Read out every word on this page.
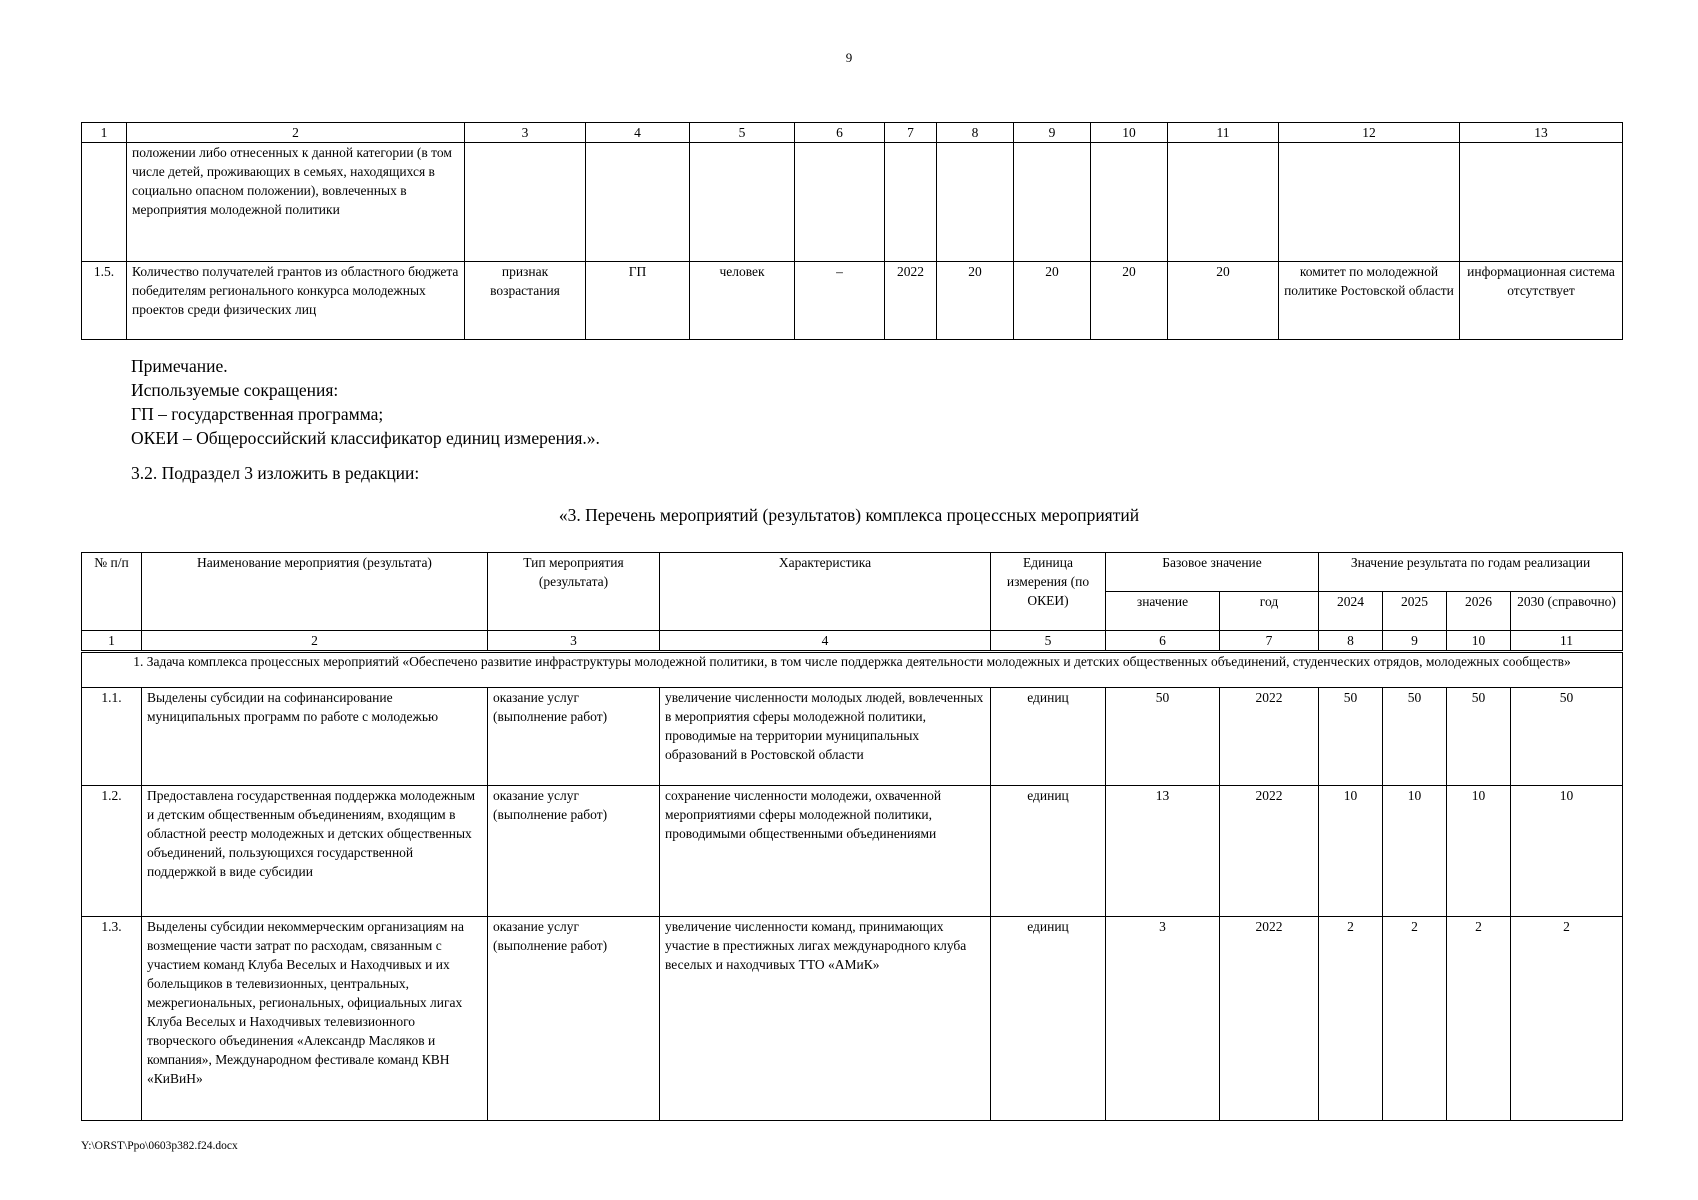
9
1	2	3	4	5	6	7	8	9	10	11	12	13
	положении либо отнесенных к данной категории (в том числе детей, проживающих в семьях, находящихся в социально опасном положении), вовлеченных в мероприятия молодежной политики											
1.5.	Количество получателей грантов из областного бюджета победителям регионального конкурса молодежных проектов среди физических лиц	признак возрастания	ГП	человек	–	2022	20	20	20	20	комитет по молодежной политике Ростовской области	информационная система отсутствует
Примечание.
Используемые сокращения:
ГП – государственная программа;
ОКЕИ – Общероссийский классификатор единиц измерения.».
3.2. Подраздел 3 изложить в редакции:
«3. Перечень мероприятий (результатов) комплекса процессных мероприятий
№ п/п	Наименование мероприятия (результата)	Тип мероприятия (результата)	Характеристика	Единица измерения (по ОКЕИ)	Базовое значение		Значение результата по годам реализации			
					значение	год	2024	2025	2026	2030 (справочно)
1	2	3	4	5	6	7	8	9	10	11
1. Задача комплекса процессных мероприятий «Обеспечено развитие инфраструктуры молодежной политики, в том числе поддержка деятельности молодежных и детских общественных объединений, студенческих отрядов, молодежных сообществ»										
1.1.	Выделены субсидии на софинансирование муниципальных программ по работе с молодежью	оказание услуг (выполнение работ)	увеличение численности молодых людей, вовлеченных в мероприятия сферы молодежной политики, проводимые на территории муниципальных образований в Ростовской области	единиц	50	2022	50	50	50	50
1.2.	Предоставлена государственная поддержка молодежным и детским общественным объединениям, входящим в областной реестр молодежных и детских общественных объединений, пользующихся государственной поддержкой в виде субсидии	оказание услуг (выполнение работ)	сохранение численности молодежи, охваченной мероприятиями сферы молодежной политики, проводимыми общественными объединениями	единиц	13	2022	10	10	10	10
1.3.	Выделены субсидии некоммерческим организациям на возмещение части затрат по расходам, связанным с участием команд Клуба Веселых и Находчивых и их болельщиков в телевизионных, центральных, межрегиональных, региональных, официальных лигах Клуба Веселых и Находчивых телевизионного творческого объединения «Александр Масляков и компания», Международном фестивале команд КВН «КиВиН»	оказание услуг (выполнение работ)	увеличение численности команд, принимающих участие в престижных лигах международного клуба веселых и находчивых ТТО «АМиК»	единиц	3	2022	2	2	2	2
Y:\ORST\Ppo\0603p382.f24.docx
